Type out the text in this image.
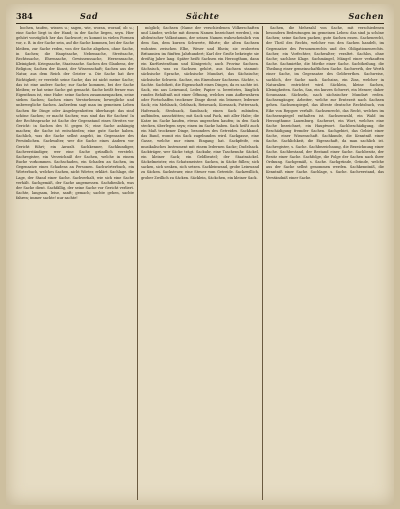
384	Sad	Sächte	Sachen

bochen, taufen, wissen u.; sagen, wie, woran, worauf, ob u.; eine Sache liegt in der Hand; in der Sache liegen, seyn. Hier gehört vorzüglich her das Sachwort; es kommt in vielen Formen vor, z. B. in der Sache sein, auf die Sache kommen, bei der Sache bleiben, zur Sache reden, von der Sache abgehen, ohne Sache, in Sachen; die Hauptsache, Nebensache, Streitsache, Rechtssache, Ehrensache, Gewissenssache, Herzenssache, Kleinigkeit, Kriegssache, Staatssache. Sachen des Glaubens, der Religion; Sachen der Kunst, der Wissenschaft; Sachen aus der Natur, aus dem Reich der Geister u. Die Sache hat ihre Richtigkeit; er versteht seine Sache; das ist nicht meine Sache; das ist eine andere Sache; zur Sache kommen, bei der Sache bleiben; er hat seine Sache gut gemacht. Sache heißt ferner was Eigenthum ist, eine Habe: seine Sachen zusammenpacken, seine sieben Sachen; Sachen eines Verstorbenen; bewegliche und unbewegliche Sachen. Außerdem sagt man im gemeinen Leben Sachen für Dinge oder Angelegenheiten überhaupt: das sind schöne Sachen; er macht Sachen; was sind das für Sachen! In der Rechtssprache ist Sache der Gegenstand eines Streites vor Gericht: in Sachen des N. gegen N.; eine Sache anhängig machen; die Sache ist entschieden; eine gute Sache haben. Sachlich, was die Sache selbst angeht, im Gegensatze des Persönlichen. Sachwalter, wer die Sache eines Andern vor Gericht führt; ein Anwalt. Sachkenner, Sachkundiger, Sachverständiger, wer eine Sache gründlich versteht. Sachregister, ein Verzeichniß der Sachen, welche in einem Buche vorkommen. Sachschaden, ein Schaden an Sachen, im Gegensatze eines Schadens an Personen. Sachwörterbuch, ein Wörterbuch, welches Sachen, nicht Wörter, erklärt. Sachlage, die Lage, der Stand einer Sache. Sachverhalt, wie sich eine Sache verhält. Sachgemäß, der Sache angemessen. Sachdienlich, was der Sache dient. Sachfällig, der seine Sache vor Gericht verliert. Sachte, langsam, leise, sanft; gemach; sachte gehen, sachte fahren; immer sachte! nur sachte!

möglich; Sachsen (Name der verschiedenen Völkerschaften und Länder, welche mit diesem Namen bezeichnet werden), ein altdeutscher Volksstamm, der seinen Namen wahrscheinlich von dem Sax, dem kurzen Schwerte, führte; die alten Sachsen wohnten zwischen Elbe, Weser und Rhein; sie eroberten Britannien im fünften Jahrhundert; Karl der Große bekriegte sie dreißig Jahre lang. Später heißt Sachsen ein Herzogthum, dann ein Kurfürstenthum und Königreich; auch Provinz Sachsen. Sächsisch, was zu Sachsen gehört, aus Sachsen stammt: sächsische Sprache, sächsische Mundart, das Sächsische; sächsische Schweiz. Sachse, ein Einwohner Sachsens. Sächte, s. Sachte. Sachtheit, die Eigenschaft eines Dinges, da es sachte ist. Sack, ein aus Leinwand, Leder, Papier u. bereitetes, länglich rundes Behältniß mit einer Öffnung, welches zum Aufbewahren oder Fortschaffen trockener Dinge dient: ein leinener, lederner Sack; ein Mehlsack, Geldsack, Reisesack, Kornsack, Futtersack, Hafersack, Strohsack, Sandsack; einen Sack zubinden, aufbinden, ausschütten; mit Sack und Pack, mit aller Habe; die Katze im Sacke kaufen, etwas ungesehen kaufen; in den Sack stecken, überlegen seyn; einen im Sacke haben. Sack heißt auch ein Maß trockener Dinge, besonders des Getreides. Sackband, das Band, womit ein Sack zugebunden wird. Sackgasse, eine Gasse, welche nur einen Eingang hat. Sackpfeife, ein musikalisches Instrument mit einem ledernen Sacke; Dudelsack. Sackträger, wer Säcke trägt. Sackuhr, eine Taschenuhr. Säckel, ein kleiner Sack; ein Geldbeutel; der Staatssäckel. Säckelmeister, ein Schatzmeister. Sacken, in Säcke füllen; sich sacken, sich senken, sich setzen. Sackleinwand, grobe Leinwand zu Säcken. Sacksteuer, eine Steuer vom Getreide. Sackzwillich, grober Zwillich zu Säcken. Säcklein, Säckchen, ein kleiner Sack.

Sachen, die Mehrzahl von Sache, mit verschiedenen besondern Bedeutungen im gemeinen Leben: das sind ja schöne Sachen; seine Sachen packen; gute Sachen essen. Sachenrecht, der Theil des Rechts, welcher von den Sachen handelt, im Gegensatze des Personenrechts und des Obligationenrechts. Sacher, ein Vorfechter, Sachwalter; veraltet. Sachlos, ohne Sache; sachlose Klage. Sachmängel, Mängel einer verkauften Sache. Sachmiethe, die Miethe einer Sache. Sachtheilung, die Theilung einer gemeinschaftlichen Sache. Sachwerth, der Werth einer Sache, im Gegensatze des Geldwerthes. Sachweise, sachlich, der Sache nach. Sachzins, ein Zins, welcher in Naturalien entrichtet wird. Sächlein, kleine Sachen, Kleinigkeiten. Sachs, Sax, ein kurzes Schwert, ein Messer; daher Scramasax. Sächseln, nach sächsischer Mundart reden. Sachsengänger, Arbeiter, welche zur Erntezeit nach Sachsen gehen. Sachsenspiegel, das älteste deutsche Rechtsbuch, von Eike von Repgow verfaßt. Sachsenrecht, das Recht, welches im Sachsenspiegel enthalten ist. Sachsenwald, ein Wald im Herzogthume Lauenburg. Sachwort, ein Wort, welches eine Sache bezeichnet, ein Hauptwort. Sachbeschädigung, die Beschädigung fremder Sachen. Sachgebiet, das Gebiet einer Sache, einer Wissenschaft. Sachkunde, die Kenntniß einer Sache. Sachlichkeit, die Eigenschaft, da man sachlich ist. Sachregister, s. Sache. Sachbezeichnung, die Bezeichnung einer Sache. Sachbestand, der Bestand einer Sache. Sachbesitz, der Besitz einer Sache. Sachfolge, die Folge der Sachen nach ihrer Ordnung. Sachgemäß, s. Sache. Sachgründe, Gründe, welche aus der Sache selbst genommen werden. Sachkenntniß, die Kenntniß einer Sache. Sachlage, s. Sache. Sachverstand, das Verständniß einer Sache.
